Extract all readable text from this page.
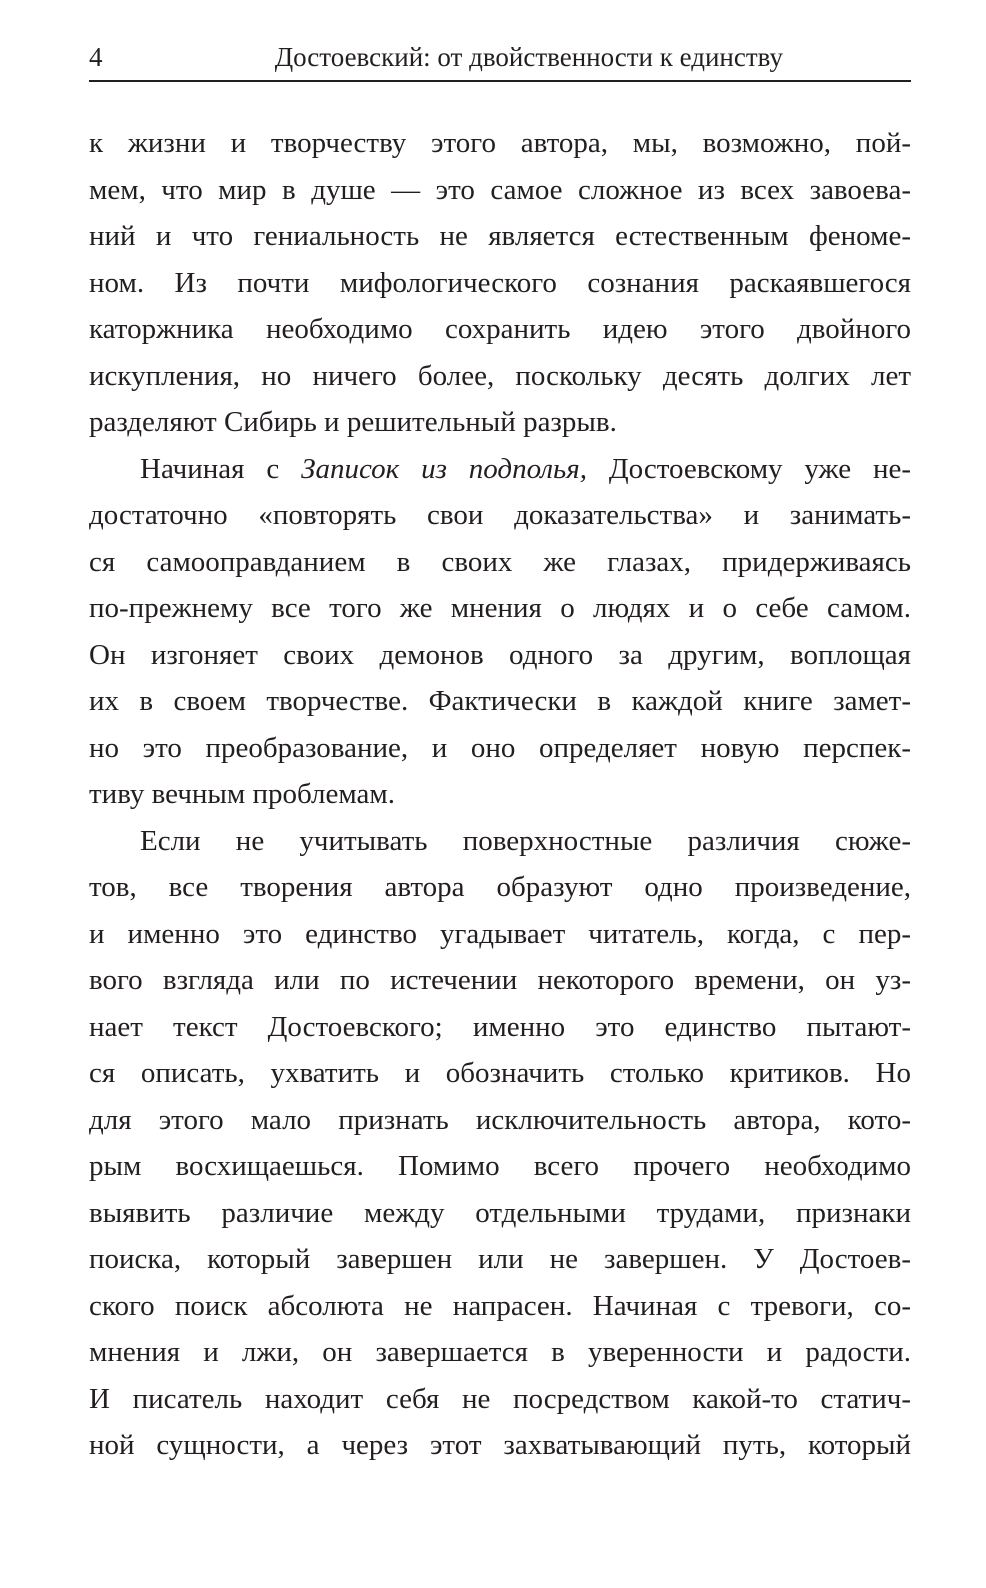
4	Достоевский: от двойственности к единству
к жизни и творчеству этого автора, мы, возможно, пой-
мем, что мир в душе — это самое сложное из всех завоева-
ний и что гениальность не является естественным феноме-
ном. Из почти мифологического сознания раскаявшегося
каторжника необходимо сохранить идею этого двойного
искупления, но ничего более, поскольку десять долгих лет
разделяют Сибирь и решительный разрыв.
Начиная с Записок из подполья, Достоевскому уже не-
достаточно «повторять свои доказательства» и занимать-
ся самооправданием в своих же глазах, придерживаясь
по-прежнему все того же мнения о людях и о себе самом.
Он изгоняет своих демонов одного за другим, воплощая
их в своем творчестве. Фактически в каждой книге замет-
но это преобразование, и оно определяет новую перспек-
тиву вечным проблемам.
Если не учитывать поверхностные различия сюже-
тов, все творения автора образуют одно произведение,
и именно это единство угадывает читатель, когда, с пер-
вого взгляда или по истечении некоторого времени, он уз-
нает текст Достоевского; именно это единство пытают-
ся описать, ухватить и обозначить столько критиков. Но
для этого мало признать исключительность автора, кото-
рым восхищаешься. Помимо всего прочего необходимо
выявить различие между отдельными трудами, признаки
поиска, который завершен или не завершен. У Достоев-
ского поиск абсолюта не напрасен. Начиная с тревоги, со-
мнения и лжи, он завершается в уверенности и радости.
И писатель находит себя не посредством какой-то статич-
ной сущности, а через этот захватывающий путь, который
